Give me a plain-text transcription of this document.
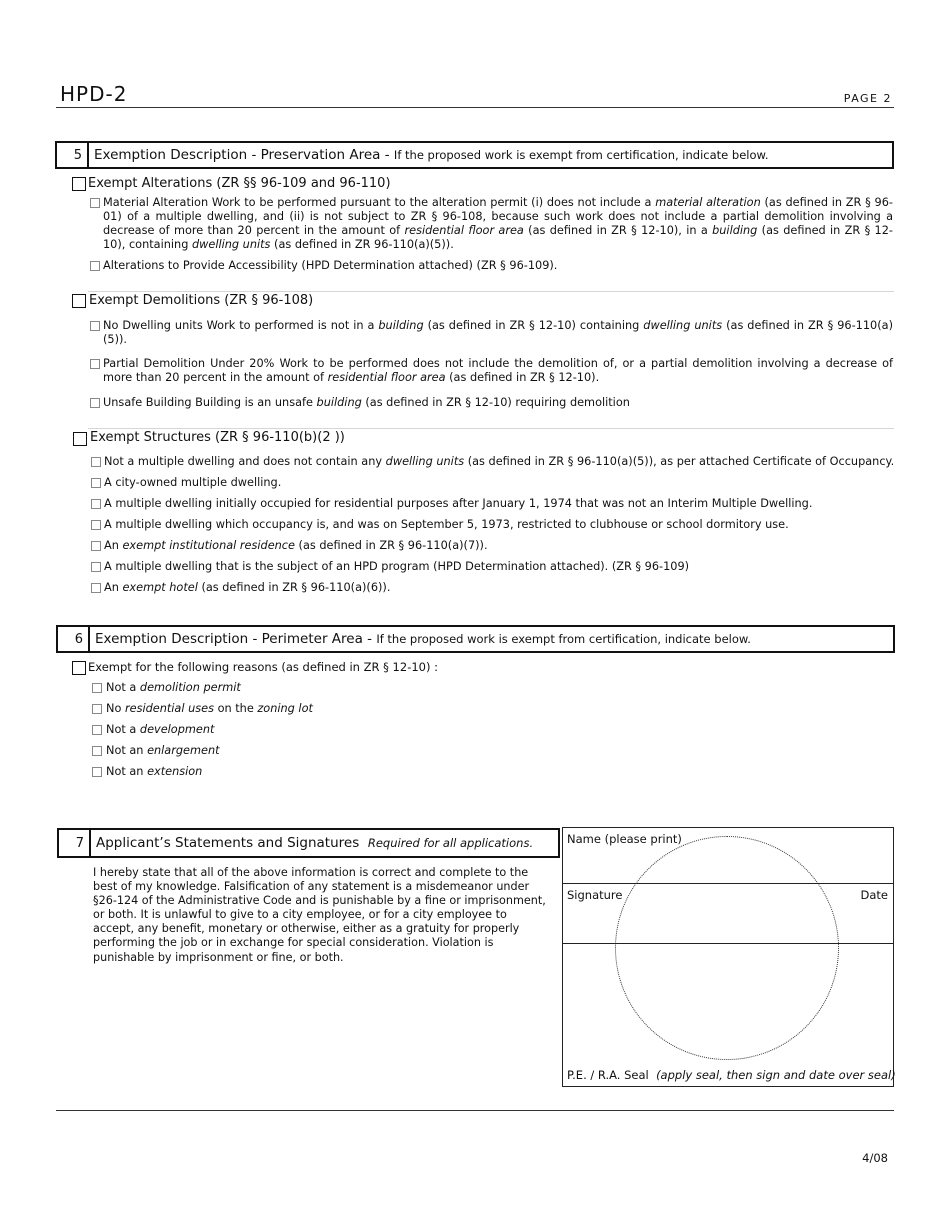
HPD-2	PAGE 2
5 Exemption Description - Preservation Area - If the proposed work is exempt from certification, indicate below.
Exempt Alterations (ZR §§ 96-109 and 96-110)
Material Alteration Work to be performed pursuant to the alteration permit (i) does not include a material alteration (as defined in ZR § 96-01) of a multiple dwelling, and (ii) is not subject to ZR § 96-108, because such work does not include a partial demolition involving a decrease of more than 20 percent in the amount of residential floor area (as defined in ZR § 12-10), in a building (as defined in ZR § 12-10), containing dwelling units (as defined in ZR 96-110(a)(5)).
Alterations to Provide Accessibility (HPD Determination attached) (ZR § 96-109).
Exempt Demolitions (ZR § 96-108)
No Dwelling units Work to performed is not in a building (as defined in ZR § 12-10) containing dwelling units (as defined in ZR § 96-110(a)(5)).
Partial Demolition Under 20% Work to be performed does not include the demolition of, or a partial demolition involving a decrease of more than 20 percent in the amount of residential floor area (as defined in ZR § 12-10).
Unsafe Building Building is an unsafe building (as defined in ZR § 12-10) requiring demolition
Exempt Structures (ZR § 96-110(b)(2 ))
Not a multiple dwelling and does not contain any dwelling units (as defined in ZR § 96-110(a)(5)), as per attached Certificate of Occupancy.
A city-owned multiple dwelling.
A multiple dwelling initially occupied for residential purposes after January 1, 1974 that was not an Interim Multiple Dwelling.
A multiple dwelling which occupancy is, and was on September 5, 1973, restricted to clubhouse or school dormitory use.
An exempt institutional residence (as defined in ZR § 96-110(a)(7)).
A multiple dwelling that is the subject of an HPD program (HPD Determination attached). (ZR § 96-109)
An exempt hotel (as defined in ZR § 96-110(a)(6)).
6 Exemption Description - Perimeter Area - If the proposed work is exempt from certification, indicate below.
Exempt for the following reasons (as defined in ZR § 12-10) :
Not a demolition permit
No residential uses on the zoning lot
Not a development
Not an enlargement
Not an extension
7 Applicant’s Statements and Signatures Required for all applications.
I hereby state that all of the above information is correct and complete to the best of my knowledge. Falsification of any statement is a misdemeanor under §26-124 of the Administrative Code and is punishable by a fine or imprisonment, or both. It is unlawful to give to a city employee, or for a city employee to accept, any benefit, monetary or otherwise, either as a gratuity for properly performing the job or in exchange for special consideration. Violation is punishable by imprisonment or fine, or both.
Name (please print)
Signature	Date
P.E. / R.A. Seal (apply seal, then sign and date over seal)
4/08
